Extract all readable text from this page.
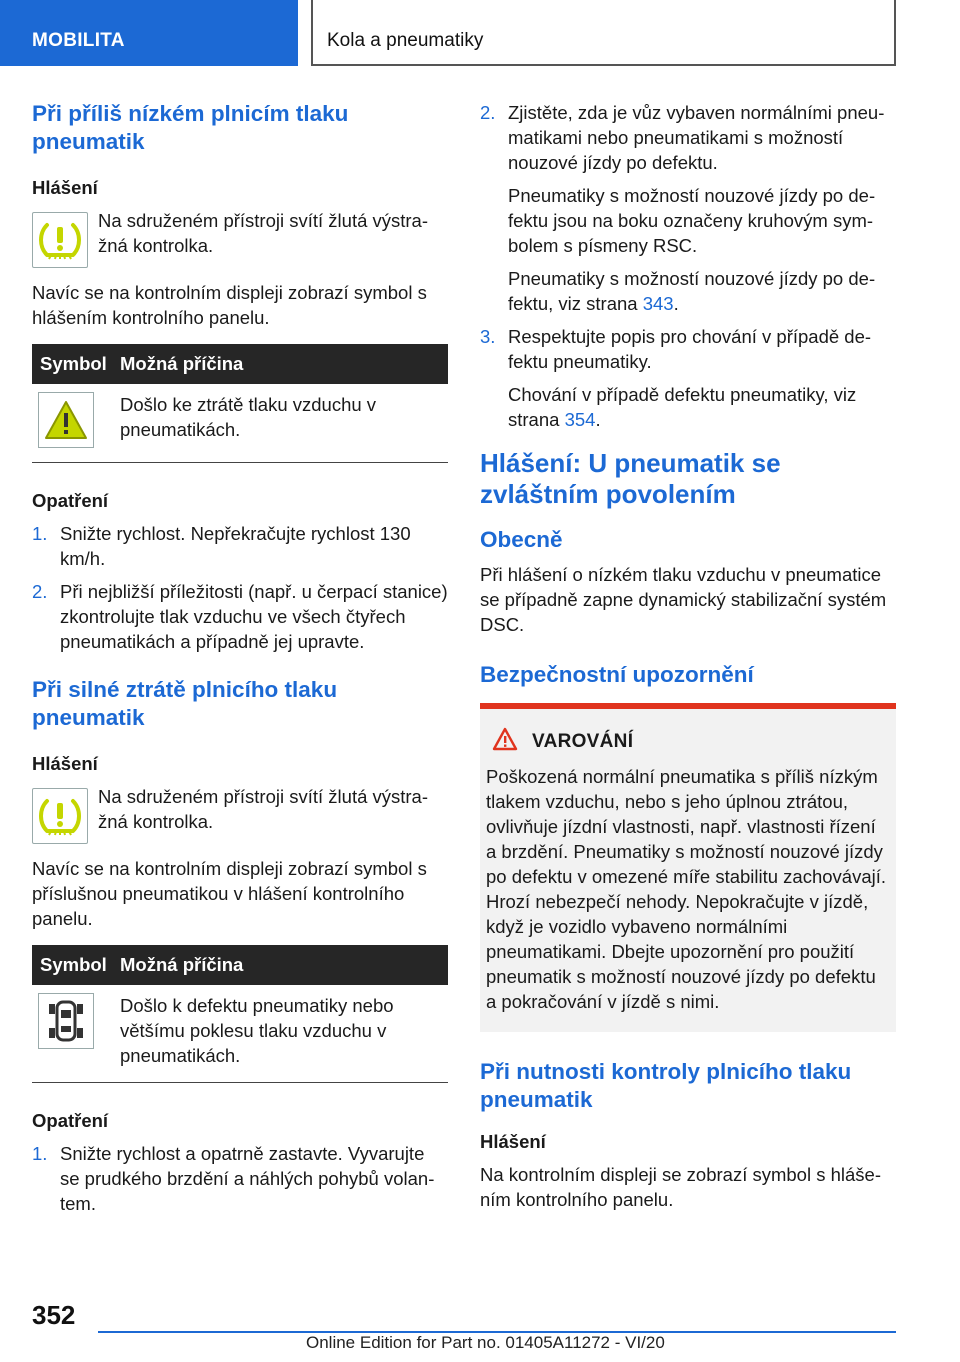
MOBILITA	Kola a pneumatiky
Při příliš nízkém plnicím tlaku pneumatik
Hlášení

Na sdruženém přístroji svítí žlutá výstražná kontrolka.

Navíc se na kontrolním displeji zobrazí symbol s hlášením kontrolního panelu.

Symbol	Možná příčina

	Došlo ke ztrátě tlaku vzduchu v pneumatikách.
Opatření
1. Snižte rychlost. Nepřekračujte rychlost 130 km/h.
2. Při nejbližší příležitosti (např. u čerpací stanice) zkontrolujte tlak vzduchu ve všech čtyřech pneumatikách a případně jej upravte.
Při silné ztrátě plnicího tlaku pneumatik
Hlášení

Na sdruženém přístroji svítí žlutá výstražná kontrolka.

Navíc se na kontrolním displeji zobrazí symbol s příslušnou pneumatikou v hlášení kontrolního panelu.

Symbol	Možná příčina

	Došlo k defektu pneumatiky nebo většímu poklesu tlaku vzduchu v pneumatikách.
Opatření
1. Snižte rychlost a opatrně zastavte. Vyvarujte se prudkého brzdění a náhlých pohybů volantem.
2. Zjistěte, zda je vůz vybaven normálními pneumatikami nebo pneumatikami s možností nouzové jízdy po defektu.

Pneumatiky s možností nouzové jízdy po defektu jsou na boku označeny kruhovým symbolem s písmeny RSC.

Pneumatiky s možností nouzové jízdy po defektu, viz strana 343.

3. Respektujte popis pro chování v případě defektu pneumatiky.

Chování v případě defektu pneumatiky, viz strana 354.

Hlášení: U pneumatik se zvláštním povolením
Obecně

Při hlášení o nízkém tlaku vzduchu v pneumatice se případně zapne dynamický stabilizační systém DSC.

Bezpečnostní upozornění
VAROVÁNÍ

Poškozená normální pneumatika s příliš nízkým tlakem vzduchu, nebo s jeho úplnou ztrátou, ovlivňuje jízdní vlastnosti, např. vlastnosti řízení a brzdění. Pneumatiky s možností nouzové jízdy po defektu v omezené míře stabilitu zachovávají. Hrozí nebezpečí nehody. Nepokračujte v jízdě, když je vozidlo vybaveno normálními pneumatikami. Dbejte upozornění pro použití pneumatik s možností nouzové jízdy po defektu a pokračování v jízdě s nimi.

Při nutnosti kontroly plnicího tlaku pneumatik
Hlášení

Na kontrolním displeji se zobrazí symbol s hlášením kontrolního panelu.

352
Online Edition for Part no. 01405A11272 - VI/20
